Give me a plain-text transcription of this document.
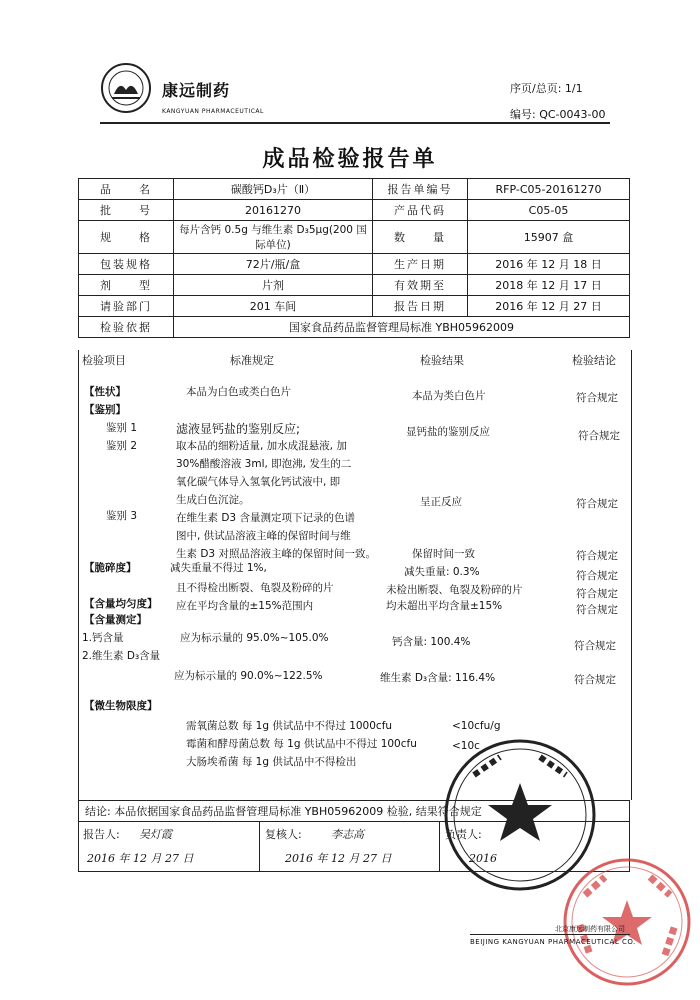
康远制药
KANGYUAN PHARMACEUTICAL
序页/总页: 1/1
编号: QC-0043-00
成品检验报告单
品　　名	碳酸钙D₃片（Ⅱ）	报告单编号	RFP-C05-20161270
批　　号	20161270	产品代码	C05-05
规　　格	每片含钙 0.5g 与维生素 D₃5μg(200 国际单位)	数　　量	15907 盒
包装规格	72片/瓶/盒	生产日期	2016 年 12 月 18 日
剂　　型	片剂	有效期至	2018 年 12 月 17 日
请验部门	201 车间	报告日期	2016 年 12 月 27 日
检验依据	国家食品药品监督管理局标准 YBH05962009		
检验项目	标准规定	检验结果	检验结论
【性状】	本品为白色或类白色片	本品为类白色片	符合规定
【鉴别】
鉴别 1	滤液显钙盐的鉴别反应;	显钙盐的鉴别反应	符合规定
鉴别 2	取本品的细粉适量, 加水成混悬液, 加
30%醋酸溶液 3ml, 即泡沸, 发生的二
氧化碳气体导入氢氧化钙试液中, 即
生成白色沉淀。	呈正反应	符合规定
鉴别 3	在维生素 D3 含量测定项下记录的色谱
图中, 供试品溶液主峰的保留时间与维
生素 D3 对照品溶液主峰的保留时间一致。	保留时间一致	符合规定
【脆碎度】	减失重量不得过 1%,	减失重量: 0.3%	符合规定
且不得检出断裂、龟裂及粉碎的片	未检出断裂、龟裂及粉碎的片	符合规定
【含量均匀度】 应在平均含量的±15%范围内	均未超出平均含量±15%	符合规定
【含量测定】
1.钙含量	应为标示量的 95.0%~105.0%	钙含量: 100.4%	符合规定
2.维生素 D₃含量
应为标示量的 90.0%~122.5%	维生素 D₃含量: 116.4%	符合规定
【微生物限度】
需氧菌总数 每 1g 供试品中不得过 1000cfu	<10cfu/g
霉菌和酵母菌总数 每 1g 供试品中不得过 100cfu	<10c
大肠埃希菌 每 1g 供试品中不得检出
结论: 本品依据国家食品药品监督管理局标准 YBH05962009 检验, 结果符合规定
报告人: 吴灯霞
2016 年 12 月 27 日
复核人:	李志高
2016 年 12 月 27 日
负责人:
2016
北京康远制药有限公司
BEIJING KANGYUAN PHARMACEUTICAL CO.
